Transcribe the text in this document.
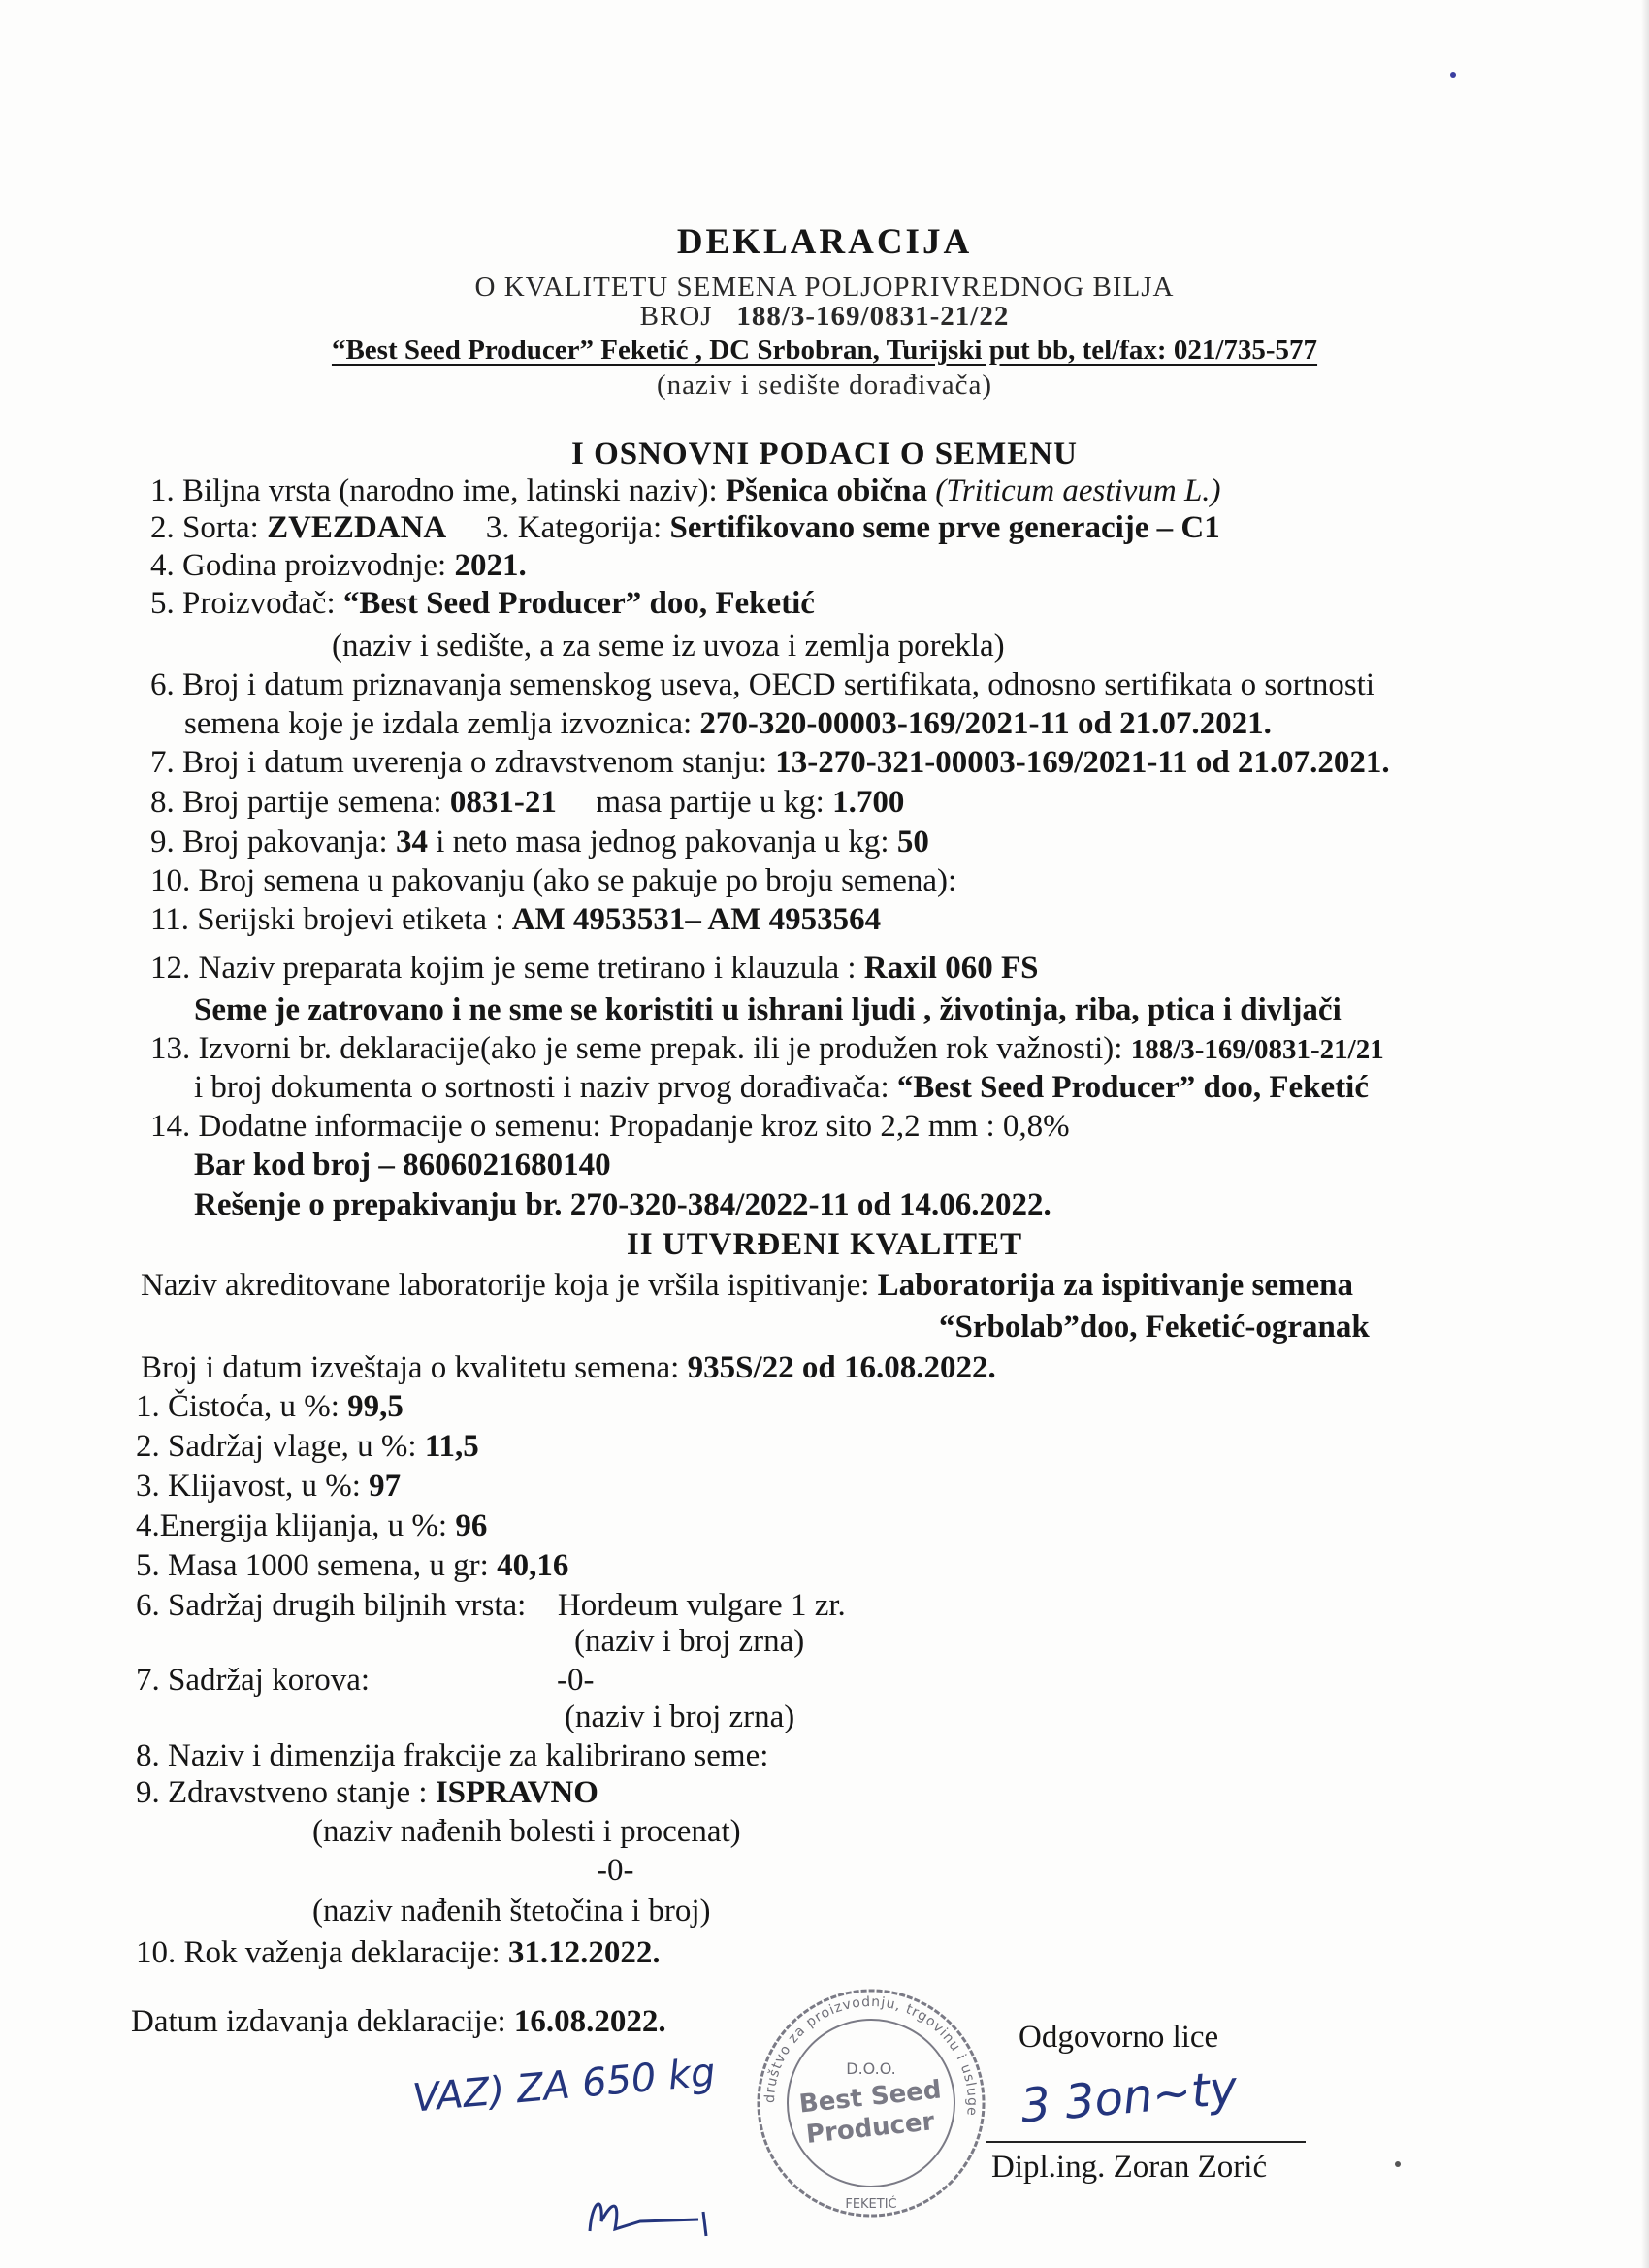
DEKLARACIJA
O KVALITETU SEMENA POLJOPRIVREDNOG BILJA
BROJ 188/3-169/0831-21/22
“Best Seed Producer” Feketić , DC Srbobran, Turijski put bb, tel/fax: 021/735-577
(naziv i sedište dorađivača)
I OSNOVNI PODACI O SEMENU
1. Biljna vrsta (narodno ime, latinski naziv): Pšenica obična (Triticum aestivum L.)
2. Sorta: ZVEZDANA 3. Kategorija: Sertifikovano seme prve generacije – C1
4. Godina proizvodnje: 2021.
5. Proizvođač: “Best Seed Producer” doo, Feketić
(naziv i sedište, a za seme iz uvoza i zemlja porekla)
6. Broj i datum priznavanja semenskog useva, OECD sertifikata, odnosno sertifikata o sortnosti
semena koje je izdala zemlja izvoznica: 270-320-00003-169/2021-11 od 21.07.2021.
7. Broj i datum uverenja o zdravstvenom stanju: 13-270-321-00003-169/2021-11 od 21.07.2021.
8. Broj partije semena: 0831-21 masa partije u kg: 1.700
9. Broj pakovanja: 34 i neto masa jednog pakovanja u kg: 50
10. Broj semena u pakovanju (ako se pakuje po broju semena):
11. Serijski brojevi etiketa : AM 4953531– AM 4953564
12. Naziv preparata kojim je seme tretirano i klauzula : Raxil 060 FS
Seme je zatrovano i ne sme se koristiti u ishrani ljudi , životinja, riba, ptica i divljači
13. Izvorni br. deklaracije(ako je seme prepak. ili je produžen rok važnosti): 188/3-169/0831-21/21
i broj dokumenta o sortnosti i naziv prvog dorađivača: “Best Seed Producer” doo, Feketić
14. Dodatne informacije o semenu: Propadanje kroz sito 2,2 mm : 0,8%
Bar kod broj – 8606021680140
Rešenje o prepakivanju br. 270-320-384/2022-11 od 14.06.2022.
II UTVRĐENI KVALITET
Naziv akreditovane laboratorije koja je vršila ispitivanje: Laboratorija za ispitivanje semena
“Srbolab”doo, Feketić-ogranak
Broj i datum izveštaja o kvalitetu semena: 935S/22 od 16.08.2022.
1. Čistoća, u %: 99,5
2. Sadržaj vlage, u %: 11,5
3. Klijavost, u %: 97
4.Energija klijanja, u %: 96
5. Masa 1000 semena, u gr: 40,16
6. Sadržaj drugih biljnih vrsta: Hordeum vulgare 1 zr.
(naziv i broj zrna)
7. Sadržaj korova:	-0-
(naziv i broj zrna)
8. Naziv i dimenzija frakcije za kalibrirano seme:
9. Zdravstveno stanje : ISPRAVNO
(naziv nađenih bolesti i procenat)
-0-
(naziv nađenih štetočina i broj)
10. Rok važenja deklaracije: 31.12.2022.
Datum izdavanja deklaracije: 16.08.2022.	Odgovorno lice
3 3on~ty
Dipl.ing. Zoran Zorić
VAZ) ZA 650 kg	društvo za proizvodnju, trgovinu i usluge
D.O.O.
Best Seed
Producer
FEKETIĆ
